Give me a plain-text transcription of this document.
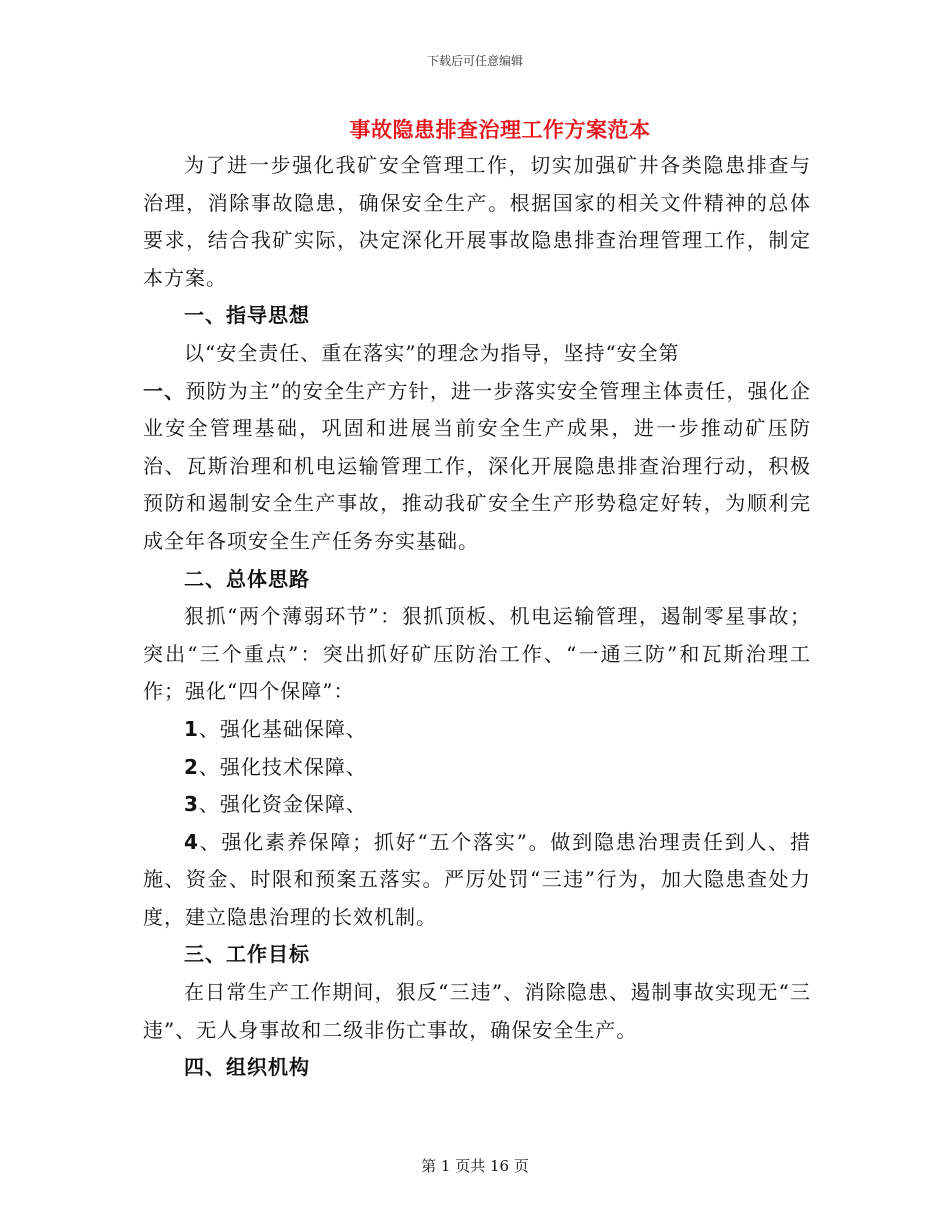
下载后可任意编辑
事故隐患排查治理工作方案范本

为了进一步强化我矿安全管理工作，切实加强矿井各类隐患排查与治理，消除事故隐患，确保安全生产。根据国家的相关文件精神的总体要求，结合我矿实际，决定深化开展事故隐患排查治理管理工作，制定本方案。

一、指导思想

以“安全责任、重在落实”的理念为指导，坚持“安全第

一、预防为主”的安全生产方针，进一步落实安全管理主体责任，强化企业安全管理基础，巩固和进展当前安全生产成果，进一步推动矿压防治、瓦斯治理和机电运输管理工作，深化开展隐患排查治理行动，积极预防和遏制安全生产事故，推动我矿安全生产形势稳定好转，为顺利完成全年各项安全生产任务夯实基础。

二、总体思路

狠抓“两个薄弱环节”：狠抓顶板、机电运输管理，遏制零星事故；突出“三个重点”：突出抓好矿压防治工作、“一通三防”和瓦斯治理工作；强化“四个保障”：

1、强化基础保障、

2、强化技术保障、

3、强化资金保障、

4、强化素养保障；抓好“五个落实”。做到隐患治理责任到人、措施、资金、时限和预案五落实。严厉处罚“三违”行为，加大隐患查处力度，建立隐患治理的长效机制。

三、工作目标

在日常生产工作期间，狠反“三违”、消除隐患、遏制事故实现无“三违”、无人身事故和二级非伤亡事故，确保安全生产。

四、组织机构

第 1 页共 16 页
